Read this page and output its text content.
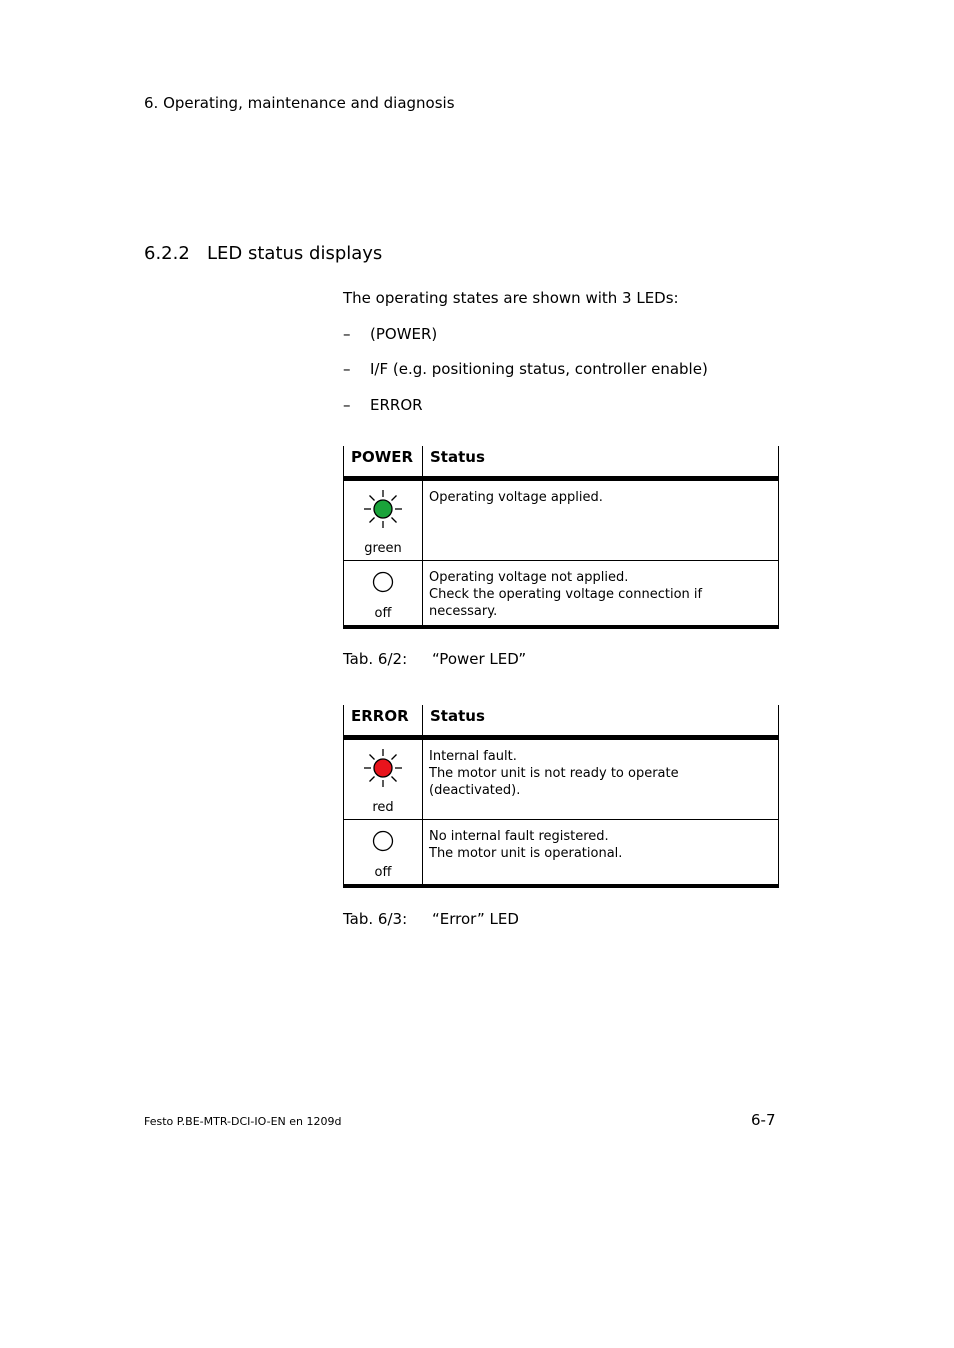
6. Operating, maintenance and diagnosis
6.2.2 LED status displays
The operating states are shown with 3 LEDs:
– (POWER)
– I/F (e.g. positioning status, controller enable)
– ERROR
POWER	Status

green	Operating voltage applied.

off	Operating voltage not applied.
Check the operating voltage connection if necessary.
Tab. 6/2: “Power LED”
ERROR	Status

red	Internal fault.
The motor unit is not ready to operate (deactivated).

off	No internal fault registered.
The motor unit is operational.
Tab. 6/3: “Error” LED
Festo P.BE-MTR-DCI-IO-EN en 1209d	6-7
